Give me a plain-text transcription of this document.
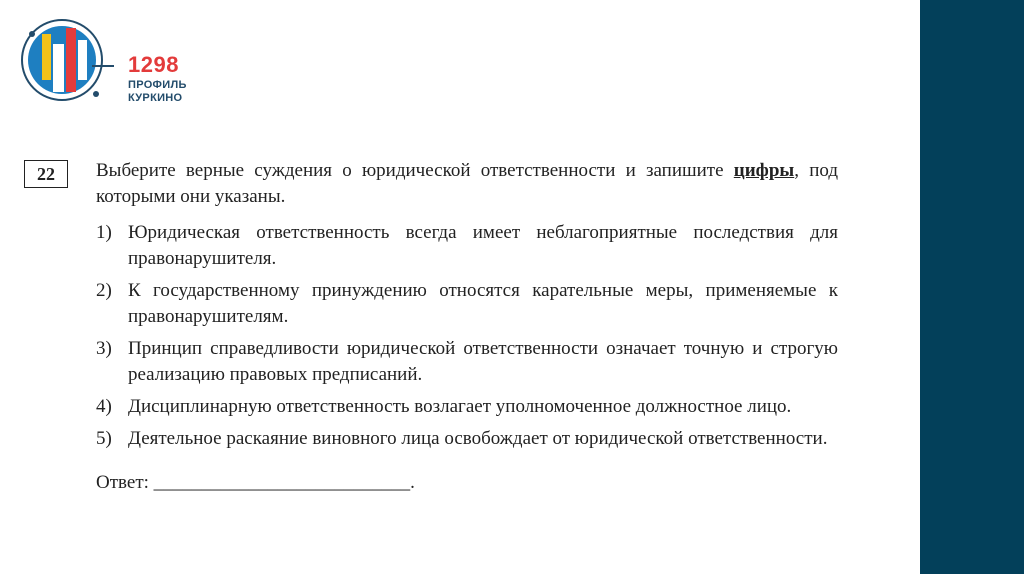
1298
ПРОФИЛЬ
КУРКИНО
22	Выберите верные суждения о юридической ответственности и запишите цифры, под которыми они указаны.

1) Юридическая ответственность всегда имеет неблагоприятные последствия для правонарушителя.
2) К государственному принуждению относятся карательные меры, применяемые к правонарушителям.
3) Принцип справедливости юридической ответственности означает точную и строгую реализацию правовых предписаний.
4) Дисциплинарную ответственность возлагает уполномоченное должностное лицо.
5) Деятельное раскаяние виновного лица освобождает от юридической ответственности.
Ответ: ___________________________.
